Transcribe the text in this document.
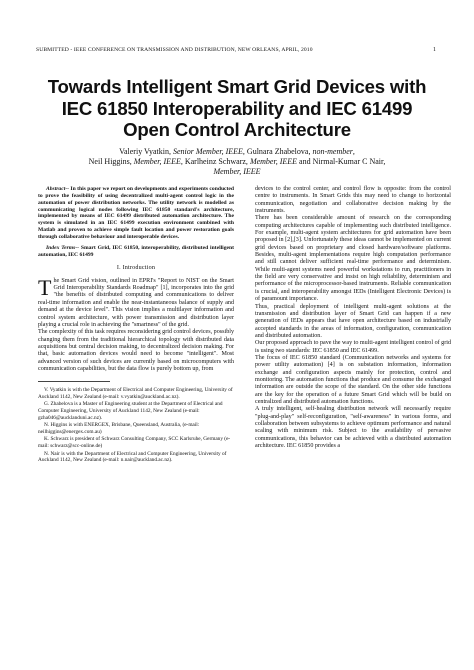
SUBMITTED - IEEE CONFERENCE ON TRANSMISSION AND DISTRIBUTION, NEW ORLEANS, APRIL, 2010	1
Towards Intelligent Smart Grid Devices with
IEC 61850 Interoperability and IEC 61499
Open Control Architecture
Valeriy Vyatkin, Senior Member, IEEE, Gulnara Zhabelova, non-member,
Neil Higgins, Member, IEEE, Karlheinz Schwarz, Member, IEEE and Nirmal-Kumar C Nair,
Member, IEEE

Abstract-- In this paper we report on developments and experiments conducted to prove the feasibility of using decentralized multi-agent control logic in the automation of power distribution networks. The utility network is modelled as communicating logical nodes following IEC 61850 standard's architecture, implemented by means of IEC 61499 distributed automation architecture. The system is simulated in an IEC 61499 execution environment combined with Matlab and proven to achieve simple fault location and power restoration goals through collaborative behaviour and interoperable devices.

Index Terms-- Smart Grid, IEC 61850, interoperability, distributed intelligent automation, IEC 61499

I. Introduction

The Smart Grid vision, outlined in EPRI's "Report to NIST on the Smart Grid Interoperability Standards Roadmap" [1], incorporates into the grid "the benefits of distributed computing and communications to deliver real-time information and enable the near-instantaneous balance of supply and demand at the device level". This vision implies a multilayer information and control system architecture, with power transmission and distribution layer playing a crucial role in achieving the "smartness" of the grid.

The complexity of this task requires reconsidering grid control devices, possibly changing them from the traditional hierarchical topology with distributed data acquisitions but central decision making, to decentralized decision making. For that, basic automation devices would need to become "intelligent". Most advanced version of such devices are currently based on microcomputers with communication capabilities, but the data flow is purely bottom up, from

V. Vyatkin is with the Department of Electrical and Computer Engineering, University of Auckland 1142, New Zealand (e-mail: v.vyatkin@auckland.ac.nz).

G. Zhabelova is a Master of Engineering student at the Department of Electrical and Computer Engineering, University of Auckland 1142, New Zealand (e-mail: gzha046@aucklanduni.ac.nz).

N. Higgins is with ENERGEX, Brisbane, Queensland, Australia, (e-mail: neilhiggins@energex.com.au)

K. Schwarz is president of Schwarz Consulting Company, SCC Karlsruhe, Germany (e-mail: schwarz@scc-online.de)

N. Nair is with the Department of Electrical and Computer Engineering, University of Auckland 1142, New Zealand (e-mail: n.nair@auckland.ac.nz).

devices to the control center, and control flow is opposite: from the control centre to instruments. In Smart Grids this may need to change to horizontal communication, negotiation and collaborative decision making by the instruments.

There has been considerable amount of research on the corresponding computing architectures capable of implementing such distributed intelligence. For example, multi-agent system architectures for grid automation have been proposed in [2],[3]. Unfortunately these ideas cannot be implemented on current grid devices based on proprietary and closed hardware/software platforms. Besides, multi-agent implementations require high computation performance and still cannot deliver sufficient real-time performance and determinism. While multi-agent systems need powerful workstations to run, practitioners in the field are very conservative and insist on high reliability, determinism and performance of the microprocessor-based instruments. Reliable communication is crucial, and interoperability amongst IEDs (Intelligent Electronic Devices) is of paramount importance.

Thus, practical deployment of intelligent multi-agent solutions at the transmission and distribution layer of Smart Grid can happen if a new generation of IEDs appears that have open architecture based on industrially accepted standards in the areas of information, configuration, communication and distributed automation.

Our proposed approach to pave the way to multi-agent intelligent control of grid is using two standards: IEC 61850 and IEC 61499.

The focus of IEC 61850 standard (Communication networks and systems for power utility automation) [4] is on substation information, information exchange and configuration aspects mainly for protection, control and monitoring. The automation functions that produce and consume the exchanged information are outside the scope of the standard. On the other side functions are the key for the operation of a future Smart Grid which will be build on centralized and distributed automation functions.

A truly intelligent, self-healing distribution network will necessarily require "plug-and-play" self-reconfiguration, "self-awareness" in various forms, and collaboration between subsystems to achieve optimum performance and natural scaling with minimum risk. Subject to the availability of pervasive communications, this behavior can be achieved with a distributed automation architecture. IEC 61850 provides a
